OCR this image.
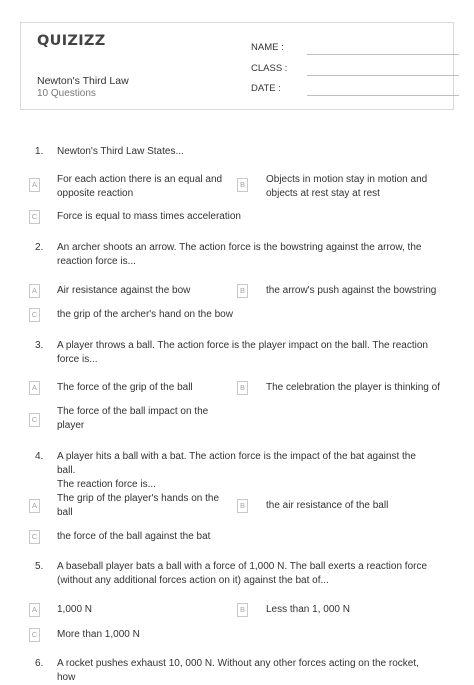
QUIZIZZ
Newton's Third Law
10 Questions
NAME :
CLASS :
DATE :
1. Newton's Third Law States...
A	For each action there is an equal and
opposite reaction
B	Objects in motion stay in motion and
objects at rest stay at rest
C Force is equal to mass times acceleration
2. An archer shoots an arrow. The action force is the bowstring against the arrow, the
reaction force is...
A	Air resistance against the bow	B	the arrow's push against the bowstring
C the grip of the archer's hand on the bow
3. A player throws a ball. The action force is the player impact on the ball. The reaction
force is...
A	The force of the grip of the ball	B	The celebration the player is thinking of
C
The force of the ball impact on the
player
4. A player hits a ball with a bat. The action force is the impact of the bat against the ball.
The reaction force is...
A
The grip of the player's hands on the
ball
B	the air resistance of the ball
C the force of the ball against the bat
5. A baseball player bats a ball with a force of 1,000 N. The ball exerts a reaction force
(without any additional forces action on it) against the bat of...
A	1,000 N	B	Less than 1, 000 N
C More than 1,000 N
6. A rocket pushes exhaust 10, 000 N. Without any other forces acting on the rocket, how
